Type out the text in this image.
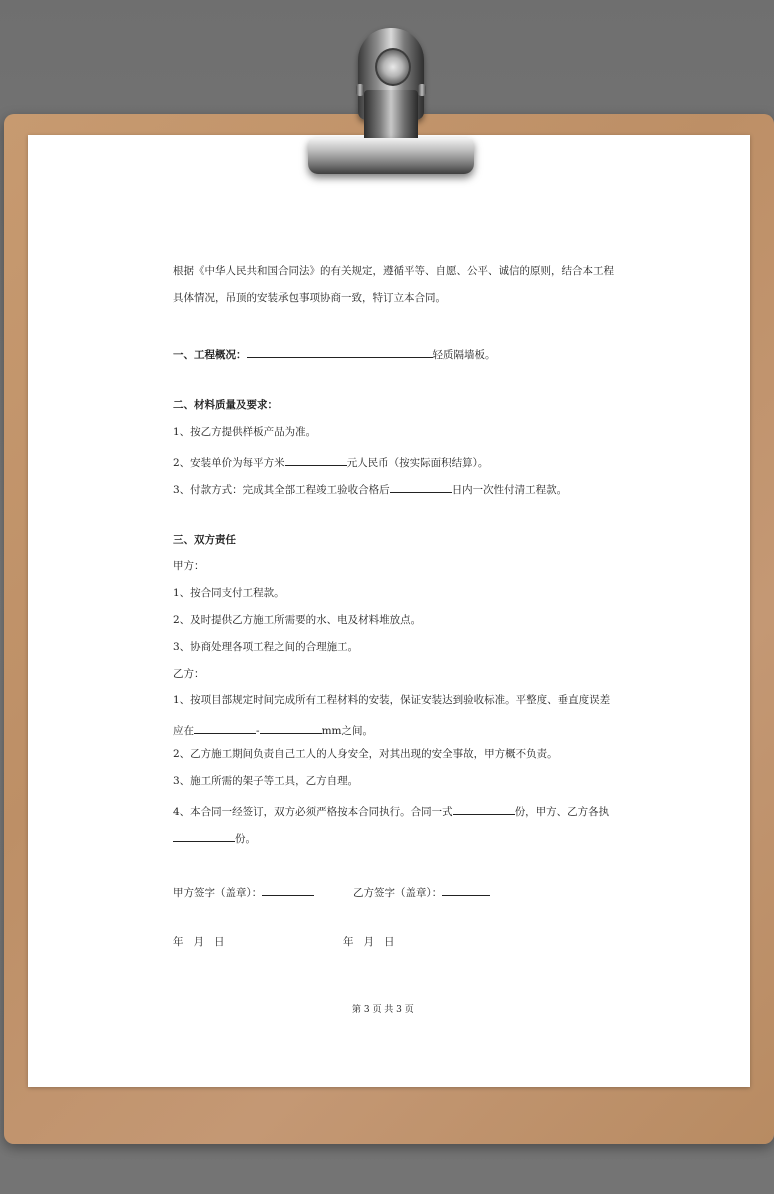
根据《中华人民共和国合同法》的有关规定，遵循平等、自愿、公平、诚信的原则，结合本工程
具体情况，吊顶的安装承包事项协商一致，特订立本合同。
一、工程概况：	轻质隔墙板。
二、材料质量及要求：
1、按乙方提供样板产品为准。
2、安装单价为每平方米	元人民币（按实际面积结算）。
3、付款方式：完成其全部工程竣工验收合格后	日内一次性付清工程款。
三、双方责任
甲方：
1、按合同支付工程款。
2、及时提供乙方施工所需要的水、电及材料堆放点。
3、协商处理各项工程之间的合理施工。
乙方：
1、按项目部规定时间完成所有工程材料的安装，保证安装达到验收标准。平整度、垂直度误差
应在	-	mm之间。
2、乙方施工期间负责自己工人的人身安全，对其出现的安全事故，甲方概不负责。
3、施工所需的架子等工具，乙方自理。
4、本合同一经签订，双方必须严格按本合同执行。合同一式	份，甲方、乙方各执
份。
甲方签字（盖章）：	乙方签字（盖章）：
年   月   日	年   月   日
第 3 页 共 3 页
